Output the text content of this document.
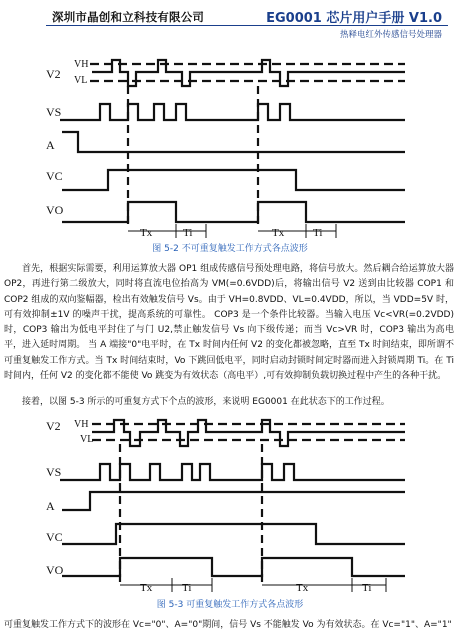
深圳市晶创和立科技有限公司	EG0001 芯片用户手册 V1.0
热释电红外传感信号处理器
V2
VS
A
VC
VO
VH
VL
Tx	Ti	Tx	Ti
图 5-2 不可重复触发工作方式各点波形

首先，根据实际需要，利用运算放大器 OP1 组成传感信号预处理电路，将信号放大。然后耦合给运算放大器 OP2，再进行第二级放大，同时将直流电位抬高为 VM(=0.6VDD)后，将输出信号 V2 送到由比较器 COP1 和 COP2 组成的双向鉴幅器，检出有效触发信号 Vs。由于 VH=0.8VDD、VL=0.4VDD，所以，当 VDD=5V 时，可有效抑制±1V 的噪声干扰，提高系统的可靠性。 COP3 是一个条件比较器。当输入电压 Vc<VR(=0.2VDD)时，COP3 输出为低电平封住了与门 U2,禁止触发信号 Vs 向下级传递；而当 Vc>VR 时，COP3 输出为高电平，进入延时周期。 当 A 端接"0"电平时，在 Tx 时间内任何 V2 的变化都被忽略，直至 Tx 时间结束，即所谓不可重复触发工作方式。当 Tx 时间结束时，Vo 下跳回低电平，同时启动封锁时间定时器而进入封锁周期 Ti。在 Ti 时间内，任何 V2 的变化都不能使 Vo 跳变为有效状态（高电平）,可有效抑制负载切换过程中产生的各种干扰。

接着，以图 5-3 所示的可重复方式下个点的波形，来说明 EG0001 在此状态下的工作过程。

V2
VS
A
VC
VO
VH
VL
Tx	Ti	Tx	Ti
图 5-3 可重复触发工作方式各点波形

可重复触发工作方式下的波形在 Vc="0"、A="0"期间，信号 Vs 不能触发 Vo 为有效状态。在 Vc="1"、A="1"
